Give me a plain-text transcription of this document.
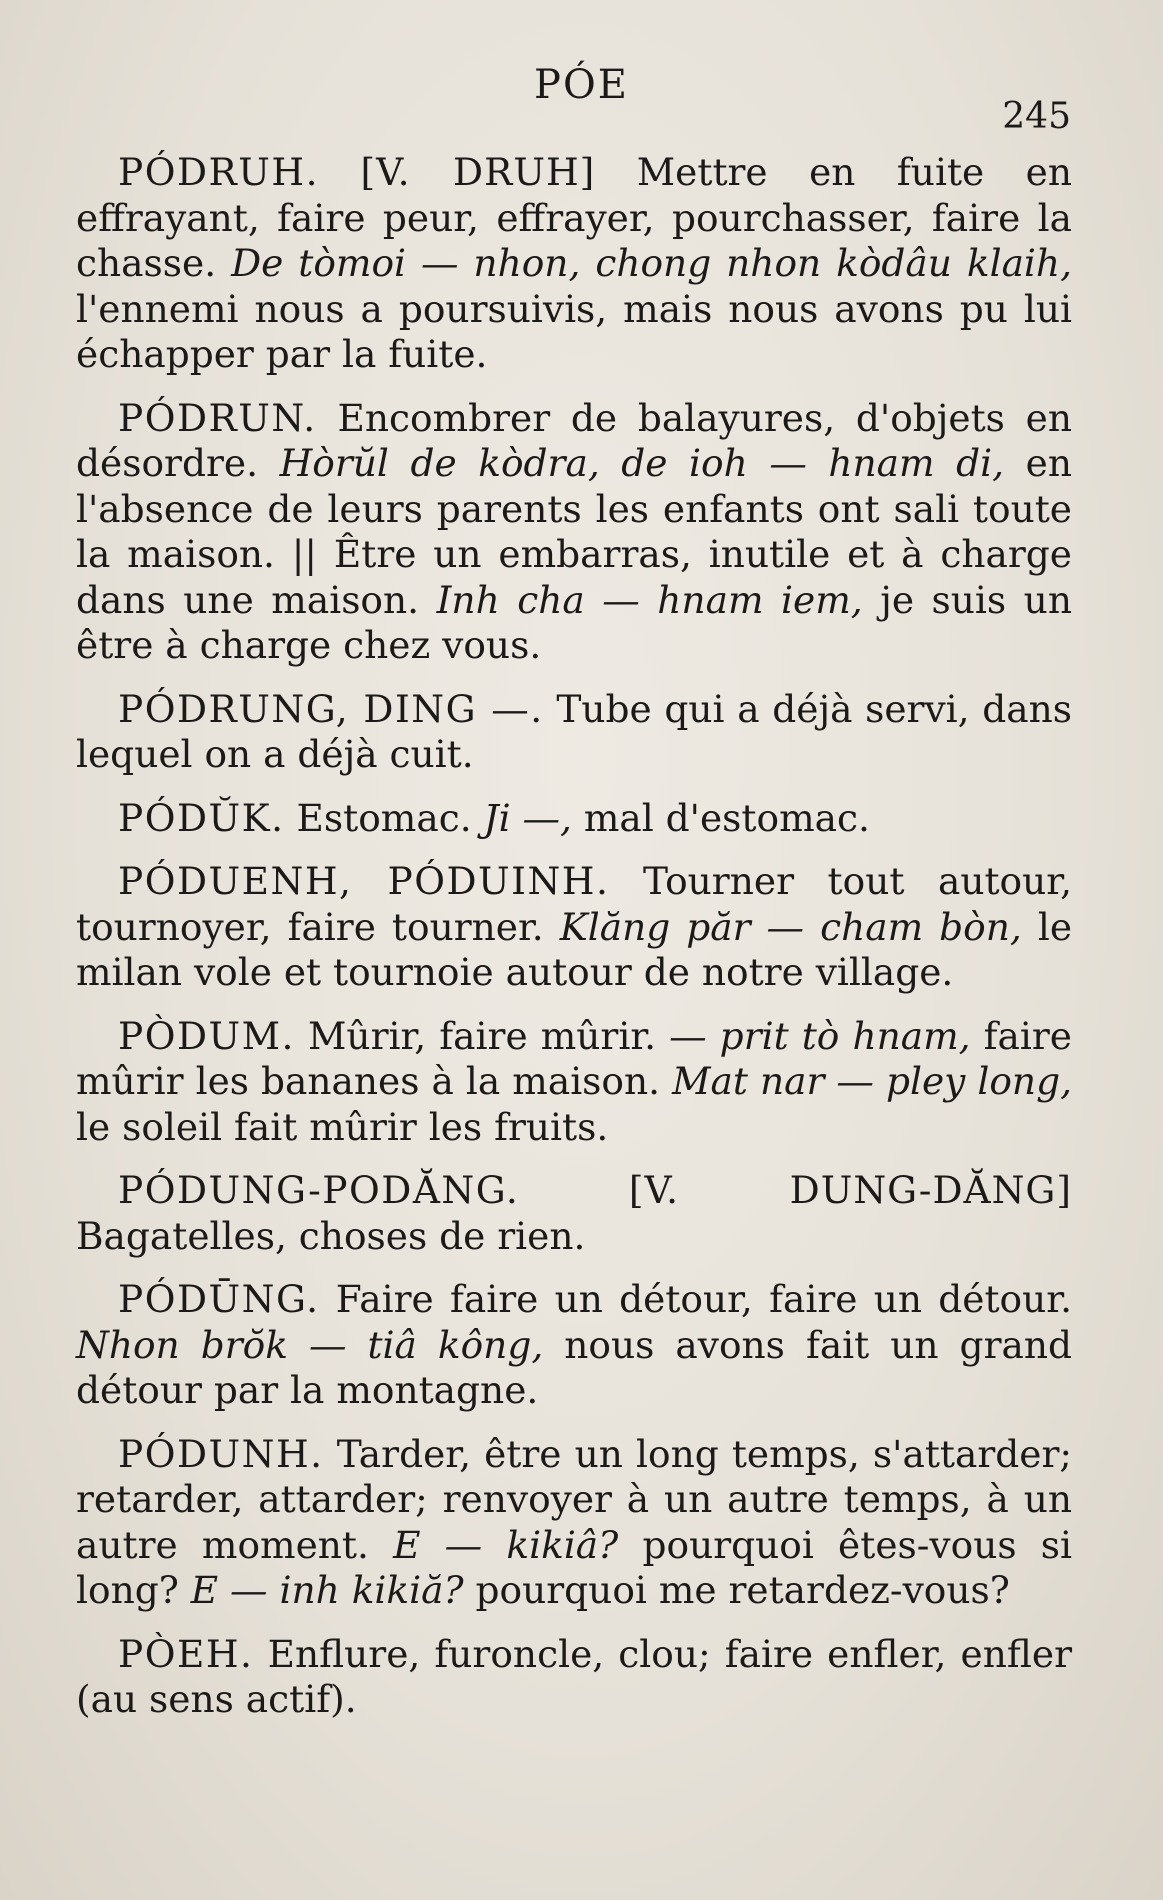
PÓE
245

PÓDRUH. [V. DRUH] Mettre en fuite en effrayant, faire peur, effrayer, pourchasser, faire la chasse. De tòmoi — nhon, chong nhon kòdâu klaih, l'ennemi nous a poursuivis, mais nous avons pu lui échapper par la fuite.

PÓDRUN. Encombrer de balayures, d'objets en désordre. Hòrŭl de kòdra, de ioh — hnam di, en l'absence de leurs parents les enfants ont sali toute la maison. || Être un embarras, inutile et à charge dans une maison. Inh cha — hnam iem, je suis un être à charge chez vous.

PÓDRUNG, DING —. Tube qui a déjà servi, dans lequel on a déjà cuit.

PÓDŬK. Estomac. Ji —, mal d'estomac.

PÓDUENH, PÓDUINH. Tourner tout autour, tournoyer, faire tourner. Klăng păr — cham bòn, le milan vole et tournoie autour de notre village.

PÒDUM. Mûrir, faire mûrir. — prit tò hnam, faire mûrir les bananes à la maison. Mat nar — pley long, le soleil fait mûrir les fruits.

PÓDUNG-PODĂNG.	[V. DUNG-DĂNG] Bagatelles, choses de rien.

PÓDŪNG. Faire faire un détour, faire un détour. Nhon brŏk — tiâ kông, nous avons fait un grand détour par la montagne.

PÓDUNH. Tarder, être un long temps, s'attarder; retarder, attarder; renvoyer à un autre temps, à un autre moment. E — kikiâ? pourquoi êtes-vous si long? E — inh kikiă? pourquoi me retardez-vous?

PÒEH. Enflure, furoncle, clou; faire enfler, enfler (au sens actif).
